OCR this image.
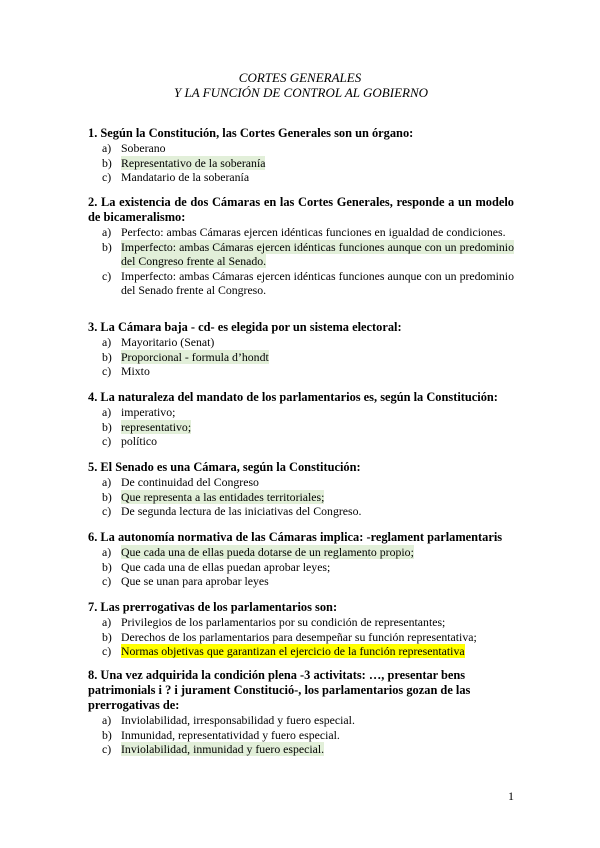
CORTES GENERALES
Y LA FUNCIÓN DE CONTROL AL GOBIERNO

1. Según la Constitución, las Cortes Generales son un órgano:

a) Soberano
b) Representativo de la soberanía
c) Mandatario de la soberanía

2. La existencia de dos Cámaras en las Cortes Generales, responde a un modelo de bicameralismo:

a) Perfecto: ambas Cámaras ejercen idénticas funciones en igualdad de condiciones.
b) Imperfecto: ambas Cámaras ejercen idénticas funciones aunque con un predominio del Congreso frente al Senado.
c) Imperfecto: ambas Cámaras ejercen idénticas funciones aunque con un predominio del Senado frente al Congreso.

3. La Cámara baja - cd- es elegida por un sistema electoral:

a) Mayoritario (Senat)
b) Proporcional - formula d’hondt
c) Mixto

4. La naturaleza del mandato de los parlamentarios es, según la Constitución:

a) imperativo;
b) representativo;
c) político

5. El Senado es una Cámara, según la Constitución:

a) De continuidad del Congreso
b) Que representa a las entidades territoriales;
c) De segunda lectura de las iniciativas del Congreso.

6. La autonomía normativa de las Cámaras implica: -reglament parlamentaris

a) Que cada una de ellas pueda dotarse de un reglamento propio;
b) Que cada una de ellas puedan aprobar leyes;
c) Que se unan para aprobar leyes

7. Las prerrogativas de los parlamentarios son:

a) Privilegios de los parlamentarios por su condición de representantes;
b) Derechos de los parlamentarios para desempeñar su función representativa;
c) Normas objetivas que garantizan el ejercicio de la función representativa

8. Una vez adquirida la condición plena -3 activitats: …, presentar bens patrimonials i ? i jurament Constitució-, los parlamentarios gozan de las prerrogativas de:

a) Inviolabilidad, irresponsabilidad y fuero especial.
b) Inmunidad, representatividad y fuero especial.
c) Inviolabilidad, inmunidad y fuero especial.
1
